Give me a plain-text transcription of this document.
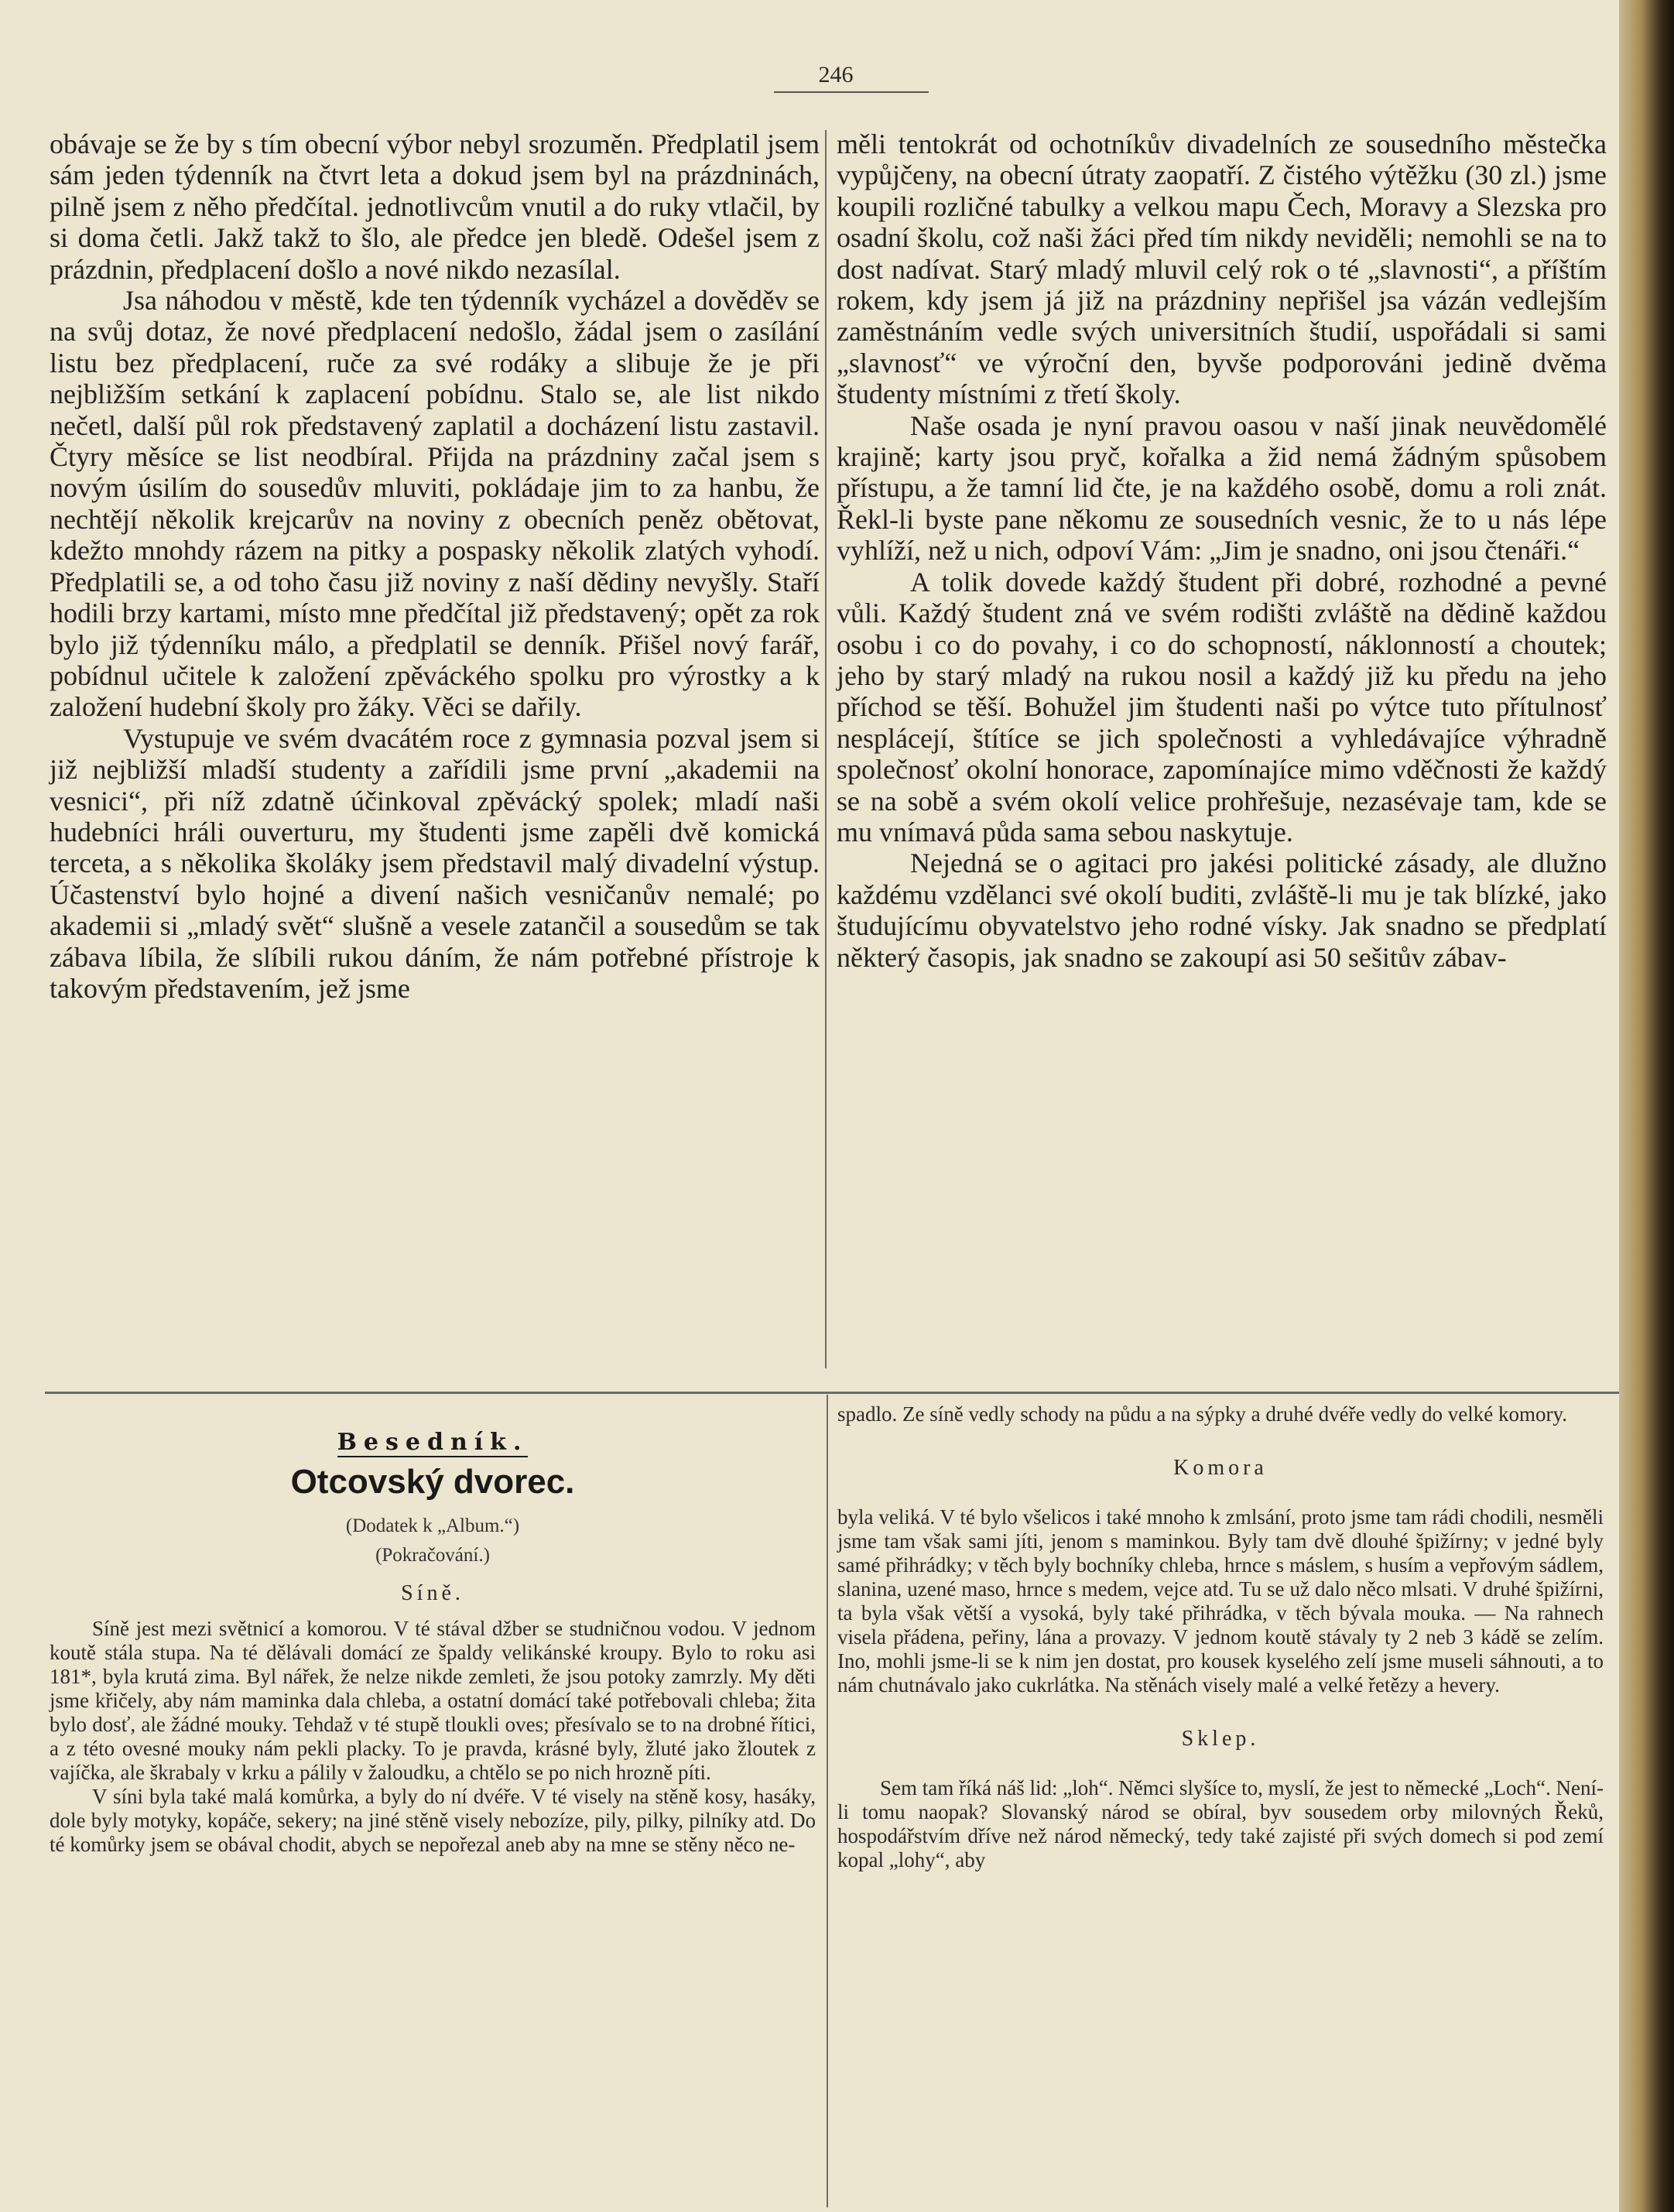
246

obávaje se že by s tím obecní výbor nebyl srozuměn. Předplatil jsem sám jeden týdenník na čtvrt leta a dokud jsem byl na prázdninách, pilně jsem z něho předčítal. jednotlivcům vnutil a do ruky vtlačil, by si doma četli. Jakž takž to šlo, ale předce jen bledě. Odešel jsem z prázdnin, předplacení došlo a nové nikdo nezasílal.

Jsa náhodou v městě, kde ten týdenník vycházel a dověděv se na svůj dotaz, že nové předplacení nedošlo, žádal jsem o zasílání listu bez předplacení, ruče za své rodáky a slibuje že je při nejbližším setkání k zaplacení pobídnu. Stalo se, ale list nikdo nečetl, další půl rok představený zaplatil a docházení listu zastavil. Čtyry měsíce se list neodbíral. Přijda na prázdniny začal jsem s novým úsilím do sousedův mluviti, pokládaje jim to za hanbu, že nechtějí několik krejcarův na noviny z obecních peněz obětovat, kdežto mnohdy rázem na pitky a pospasky několik zlatých vyhodí. Předplatili se, a od toho času již noviny z naší dědiny nevyšly. Staří hodili brzy kartami, místo mne předčítal již představený; opět za rok bylo již týdenníku málo, a předplatil se denník. Přišel nový farář, pobídnul učitele k založení zpěváckého spolku pro výrostky a k založení hudební školy pro žáky. Věci se dařily.

Vystupuje ve svém dvacátém roce z gymnasia pozval jsem si již nejbližší mladší studenty a zařídili jsme první „akademii na vesnici“, při níž zdatně účinkoval zpěvácký spolek; mladí naši hudebníci hráli ouverturu, my študenti jsme zapěli dvě komická terceta, a s několika školáky jsem představil malý divadelní výstup. Účastenství bylo hojné a divení našich vesničanův nemalé; po akademii si „mladý svět“ slušně a vesele zatančil a sousedům se tak zábava líbila, že slíbili rukou dáním, že nám potřebné přístroje k takovým představením, jež jsme

měli tentokrát od ochotníkův divadelních ze sousedního městečka vypůjčeny, na obecní útraty zaopatří. Z čistého výtěžku (30 zl.) jsme koupili rozličné tabulky a velkou mapu Čech, Moravy a Slezska pro osadní školu, což naši žáci před tím nikdy neviděli; nemohli se na to dost nadívat. Starý mladý mluvil celý rok o té „slavnosti“, a příštím rokem, kdy jsem já již na prázdniny nepřišel jsa vázán vedlejším zaměstnáním vedle svých universitních študií, uspořádali si sami „slavnosť“ ve výroční den, byvše podporováni jedině dvěma študenty místními z třetí školy.

Naše osada je nyní pravou oasou v naší jinak neuvědomělé krajině; karty jsou pryč, kořalka a žid nemá žádným spůsobem přístupu, a že tamní lid čte, je na každého osobě, domu a roli znát. Řekl-li byste pane někomu ze sousedních vesnic, že to u nás lépe vyhlíží, než u nich, odpoví Vám: „Jim je snadno, oni jsou čtenáři.“

A tolik dovede každý študent při dobré, rozhodné a pevné vůli. Každý študent zná ve svém rodišti zvláště na dědině každou osobu i co do povahy, i co do schopností, náklonností a choutek; jeho by starý mladý na rukou nosil a každý již ku předu na jeho příchod se těší. Bohužel jim študenti naši po výtce tuto přítulnosť nesplácejí, štítíce se jich společnosti a vyhledávajíce výhradně společnosť okolní honorace, zapomínajíce mimo vděčnosti že každý se na sobě a svém okolí velice prohřešuje, nezasévaje tam, kde se mu vnímavá půda sama sebou naskytuje.

Nejedná se o agitaci pro jakési politické zásady, ale dlužno každému vzdělanci své okolí buditi, zvláště-li mu je tak blízké, jako študujícímu obyvatelstvo jeho rodné vísky. Jak snadno se předplatí některý časopis, jak snadno se zakoupí asi 50 sešitův zábav-

Besedník.
Otcovský dvorec.
(Dodatek k „Album.“)
(Pokračování.)
Síně.

Síně jest mezi světnicí a komorou. V té stával džber se studničnou vodou. V jednom koutě stála stupa. Na té dělávali domácí ze špaldy velikánské kroupy. Bylo to roku asi 181*, byla krutá zima. Byl nářek, že nelze nikde zemleti, že jsou potoky zamrzly. My děti jsme křičely, aby nám maminka dala chleba, a ostatní domácí také potřebovali chleba; žita bylo dosť, ale žádné mouky. Tehdaž v té stupě tloukli oves; přesívalo se to na drobné řítici, a z této ovesné mouky nám pekli placky. To je pravda, krásné byly, žluté jako žloutek z vajíčka, ale škrabaly v krku a pálily v žaloudku, a chtělo se po nich hrozně píti.

V síni byla také malá komůrka, a byly do ní dvéře. V té visely na stěně kosy, hasáky, dole byly motyky, kopáče, sekery; na jiné stěně visely nebozíze, pily, pilky, pilníky atd. Do té komůrky jsem se obával chodit, abych se nepořezal aneb aby na mne se stěny něco ne-

spadlo. Ze síně vedly schody na půdu a na sýpky a druhé dvéře vedly do velké komory.

Komora

byla veliká. V té bylo všelicos i také mnoho k zmlsání, proto jsme tam rádi chodili, nesměli jsme tam však sami jíti, jenom s maminkou. Byly tam dvě dlouhé špižírny; v jedné byly samé přihrádky; v těch byly bochníky chleba, hrnce s máslem, s husím a vepřovým sádlem, slanina, uzené maso, hrnce s medem, vejce atd. Tu se už dalo něco mlsati. V druhé špižírni, ta byla však větší a vysoká, byly také přihrádka, v těch bývala mouka. — Na rahnech visela přádena, peřiny, lána a provazy. V jednom koutě stávaly ty 2 neb 3 kádě se zelím. Ino, mohli jsme-li se k nim jen dostat, pro kousek kyselého zelí jsme museli sáhnouti, a to nám chutnávalo jako cukrlátka. Na stěnách visely malé a velké řetězy a hevery.

Sklep.

Sem tam říká náš lid: „loh“. Němci slyšíce to, myslí, že jest to německé „Loch“. Není-li tomu naopak? Slovanský národ se obíral, byv sousedem orby milovných Řeků, hospodářstvím dříve než národ německý, tedy také zajisté při svých domech si pod zemí kopal „lohy“, aby
